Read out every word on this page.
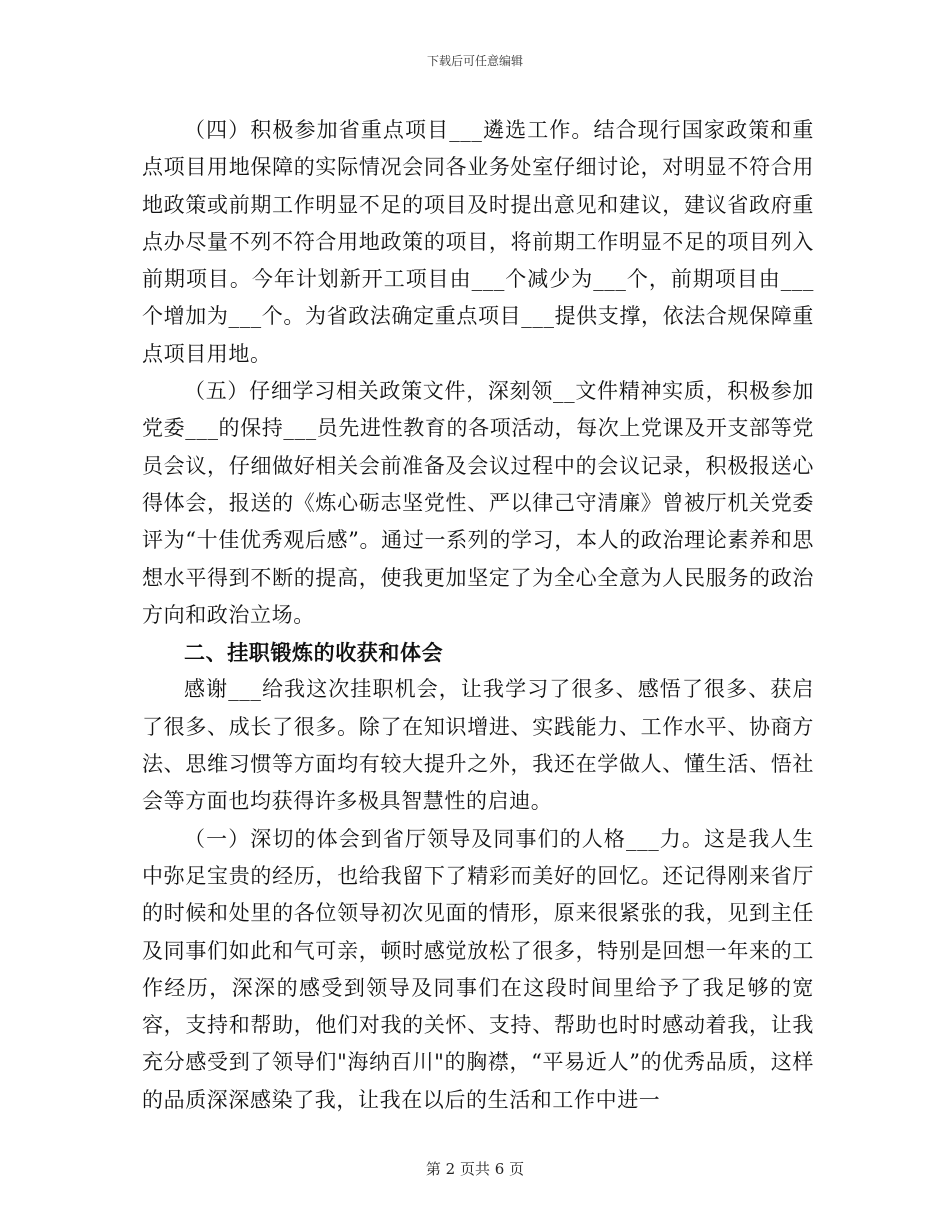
下载后可任意编辑

（四）积极参加省重点项目___遴选工作。结合现行国家政策和重点项目用地保障的实际情况会同各业务处室仔细讨论，对明显不符合用地政策或前期工作明显不足的项目及时提出意见和建议，建议省政府重点办尽量不列不符合用地政策的项目，将前期工作明显不足的项目列入前期项目。今年计划新开工项目由___个减少为___个，前期项目由___个增加为___个。为省政法确定重点项目___提供支撑，依法合规保障重点项目用地。

（五）仔细学习相关政策文件，深刻领__文件精神实质，积极参加党委___的保持___员先进性教育的各项活动，每次上党课及开支部等党员会议，仔细做好相关会前准备及会议过程中的会议记录，积极报送心得体会，报送的《炼心砺志坚党性、严以律己守清廉》曾被厅机关党委评为“十佳优秀观后感”。通过一系列的学习，本人的政治理论素养和思想水平得到不断的提高，使我更加坚定了为全心全意为人民服务的政治方向和政治立场。

二、挂职锻炼的收获和体会

感谢___给我这次挂职机会，让我学习了很多、感悟了很多、获启了很多、成长了很多。除了在知识增进、实践能力、工作水平、协商方法、思维习惯等方面均有较大提升之外，我还在学做人、懂生活、悟社会等方面也均获得许多极具智慧性的启迪。

（一）深切的体会到省厅领导及同事们的人格___力。这是我人生中弥足宝贵的经历，也给我留下了精彩而美好的回忆。还记得刚来省厅的时候和处里的各位领导初次见面的情形，原来很紧张的我，见到主任及同事们如此和气可亲，顿时感觉放松了很多，特别是回想一年来的工作经历，深深的感受到领导及同事们在这段时间里给予了我足够的宽容，支持和帮助，他们对我的关怀、支持、帮助也时时感动着我，让我充分感受到了领导们"海纳百川"的胸襟，“平易近人”的优秀品质，这样的品质深深感染了我，让我在以后的生活和工作中进一

第 2 页共 6 页
